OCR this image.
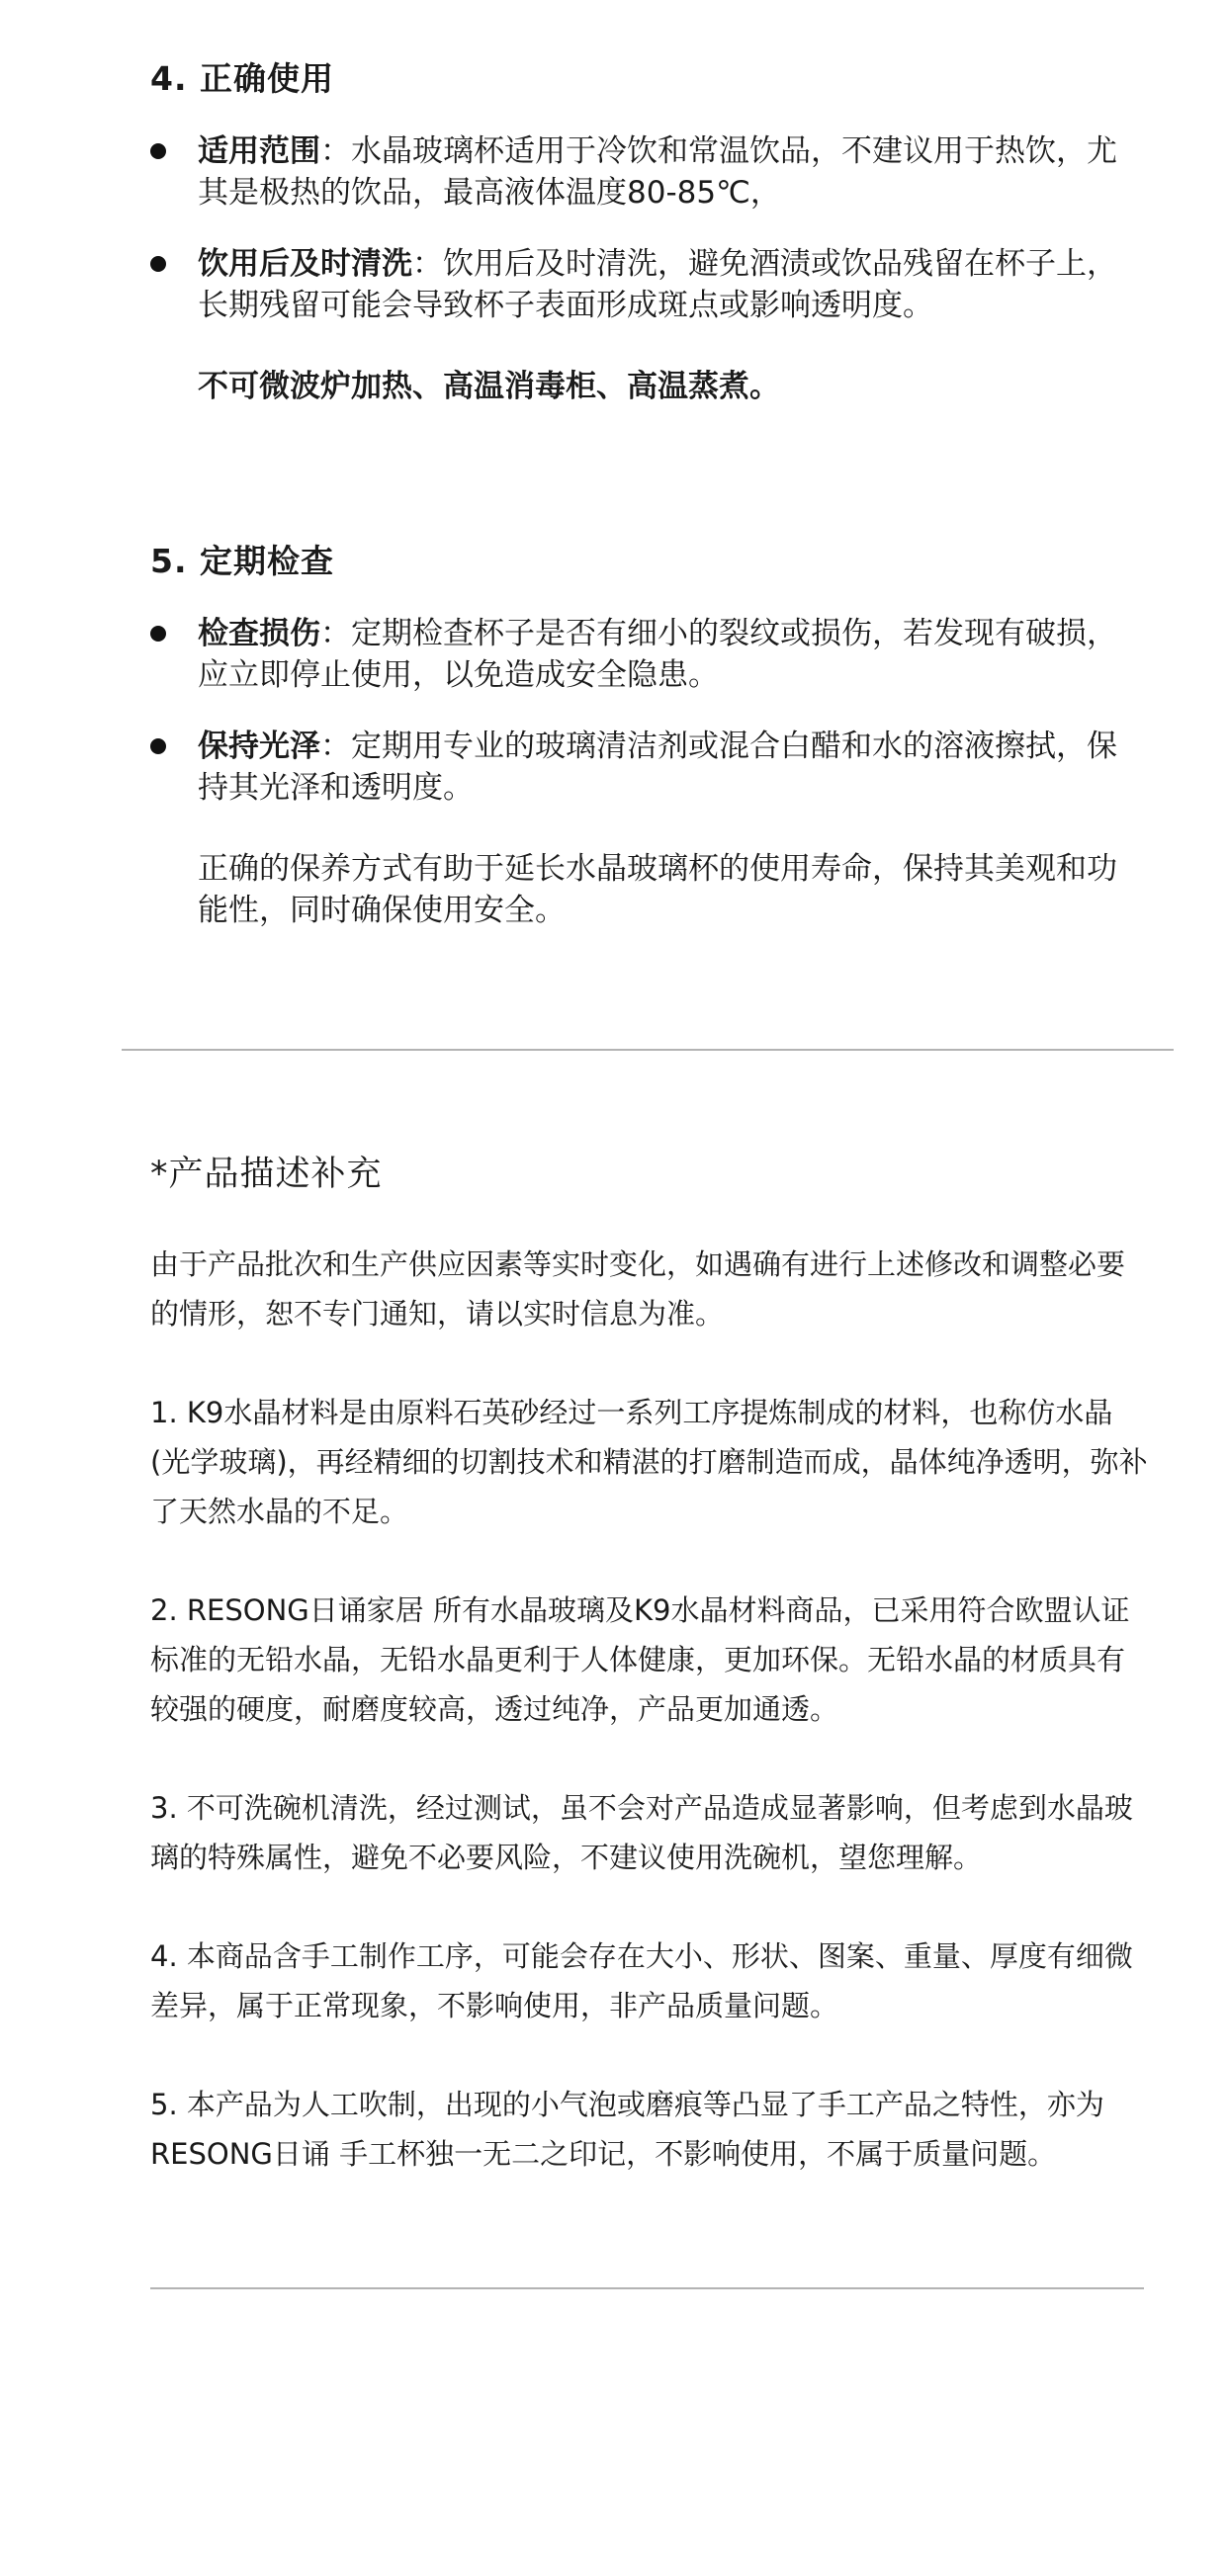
4. 正确使用
适用范围：水晶玻璃杯适用于冷饮和常温饮品，不建议用于热饮，尤其是极热的饮品，最高液体温度80-85℃，
饮用后及时清洗：饮用后及时清洗，避免酒渍或饮品残留在杯子上，长期残留可能会导致杯子表面形成斑点或影响透明度。

不可微波炉加热、高温消毒柜、高温蒸煮。

5. 定期检查
检查损伤：定期检查杯子是否有细小的裂纹或损伤，若发现有破损，应立即停止使用，以免造成安全隐患。
保持光泽：定期用专业的玻璃清洁剂或混合白醋和水的溶液擦拭，保持其光泽和透明度。

正确的保养方式有助于延长水晶玻璃杯的使用寿命，保持其美观和功能性，同时确保使用安全。

*产品描述补充

由于产品批次和生产供应因素等实时变化，如遇确有进行上述修改和调整必要的情形，恕不专门通知，请以实时信息为准。

1. K9水晶材料是由原料石英砂经过一系列工序提炼制成的材料，也称仿水晶(光学玻璃)，再经精细的切割技术和精湛的打磨制造而成，晶体纯净透明，弥补了天然水晶的不足。

2. RESONG日诵家居 所有水晶玻璃及K9水晶材料商品，已采用符合欧盟认证标准的无铅水晶，无铅水晶更利于人体健康，更加环保。无铅水晶的材质具有较强的硬度，耐磨度较高，透过纯净，产品更加通透。

3. 不可洗碗机清洗，经过测试，虽不会对产品造成显著影响，但考虑到水晶玻璃的特殊属性，避免不必要风险，不建议使用洗碗机，望您理解。

4. 本商品含手工制作工序，可能会存在大小、形状、图案、重量、厚度有细微差异，属于正常现象，不影响使用，非产品质量问题。

5. 本产品为人工吹制，出现的小气泡或磨痕等凸显了手工产品之特性，亦为RESONG日诵 手工杯独一无二之印记，不影响使用，不属于质量问题。
